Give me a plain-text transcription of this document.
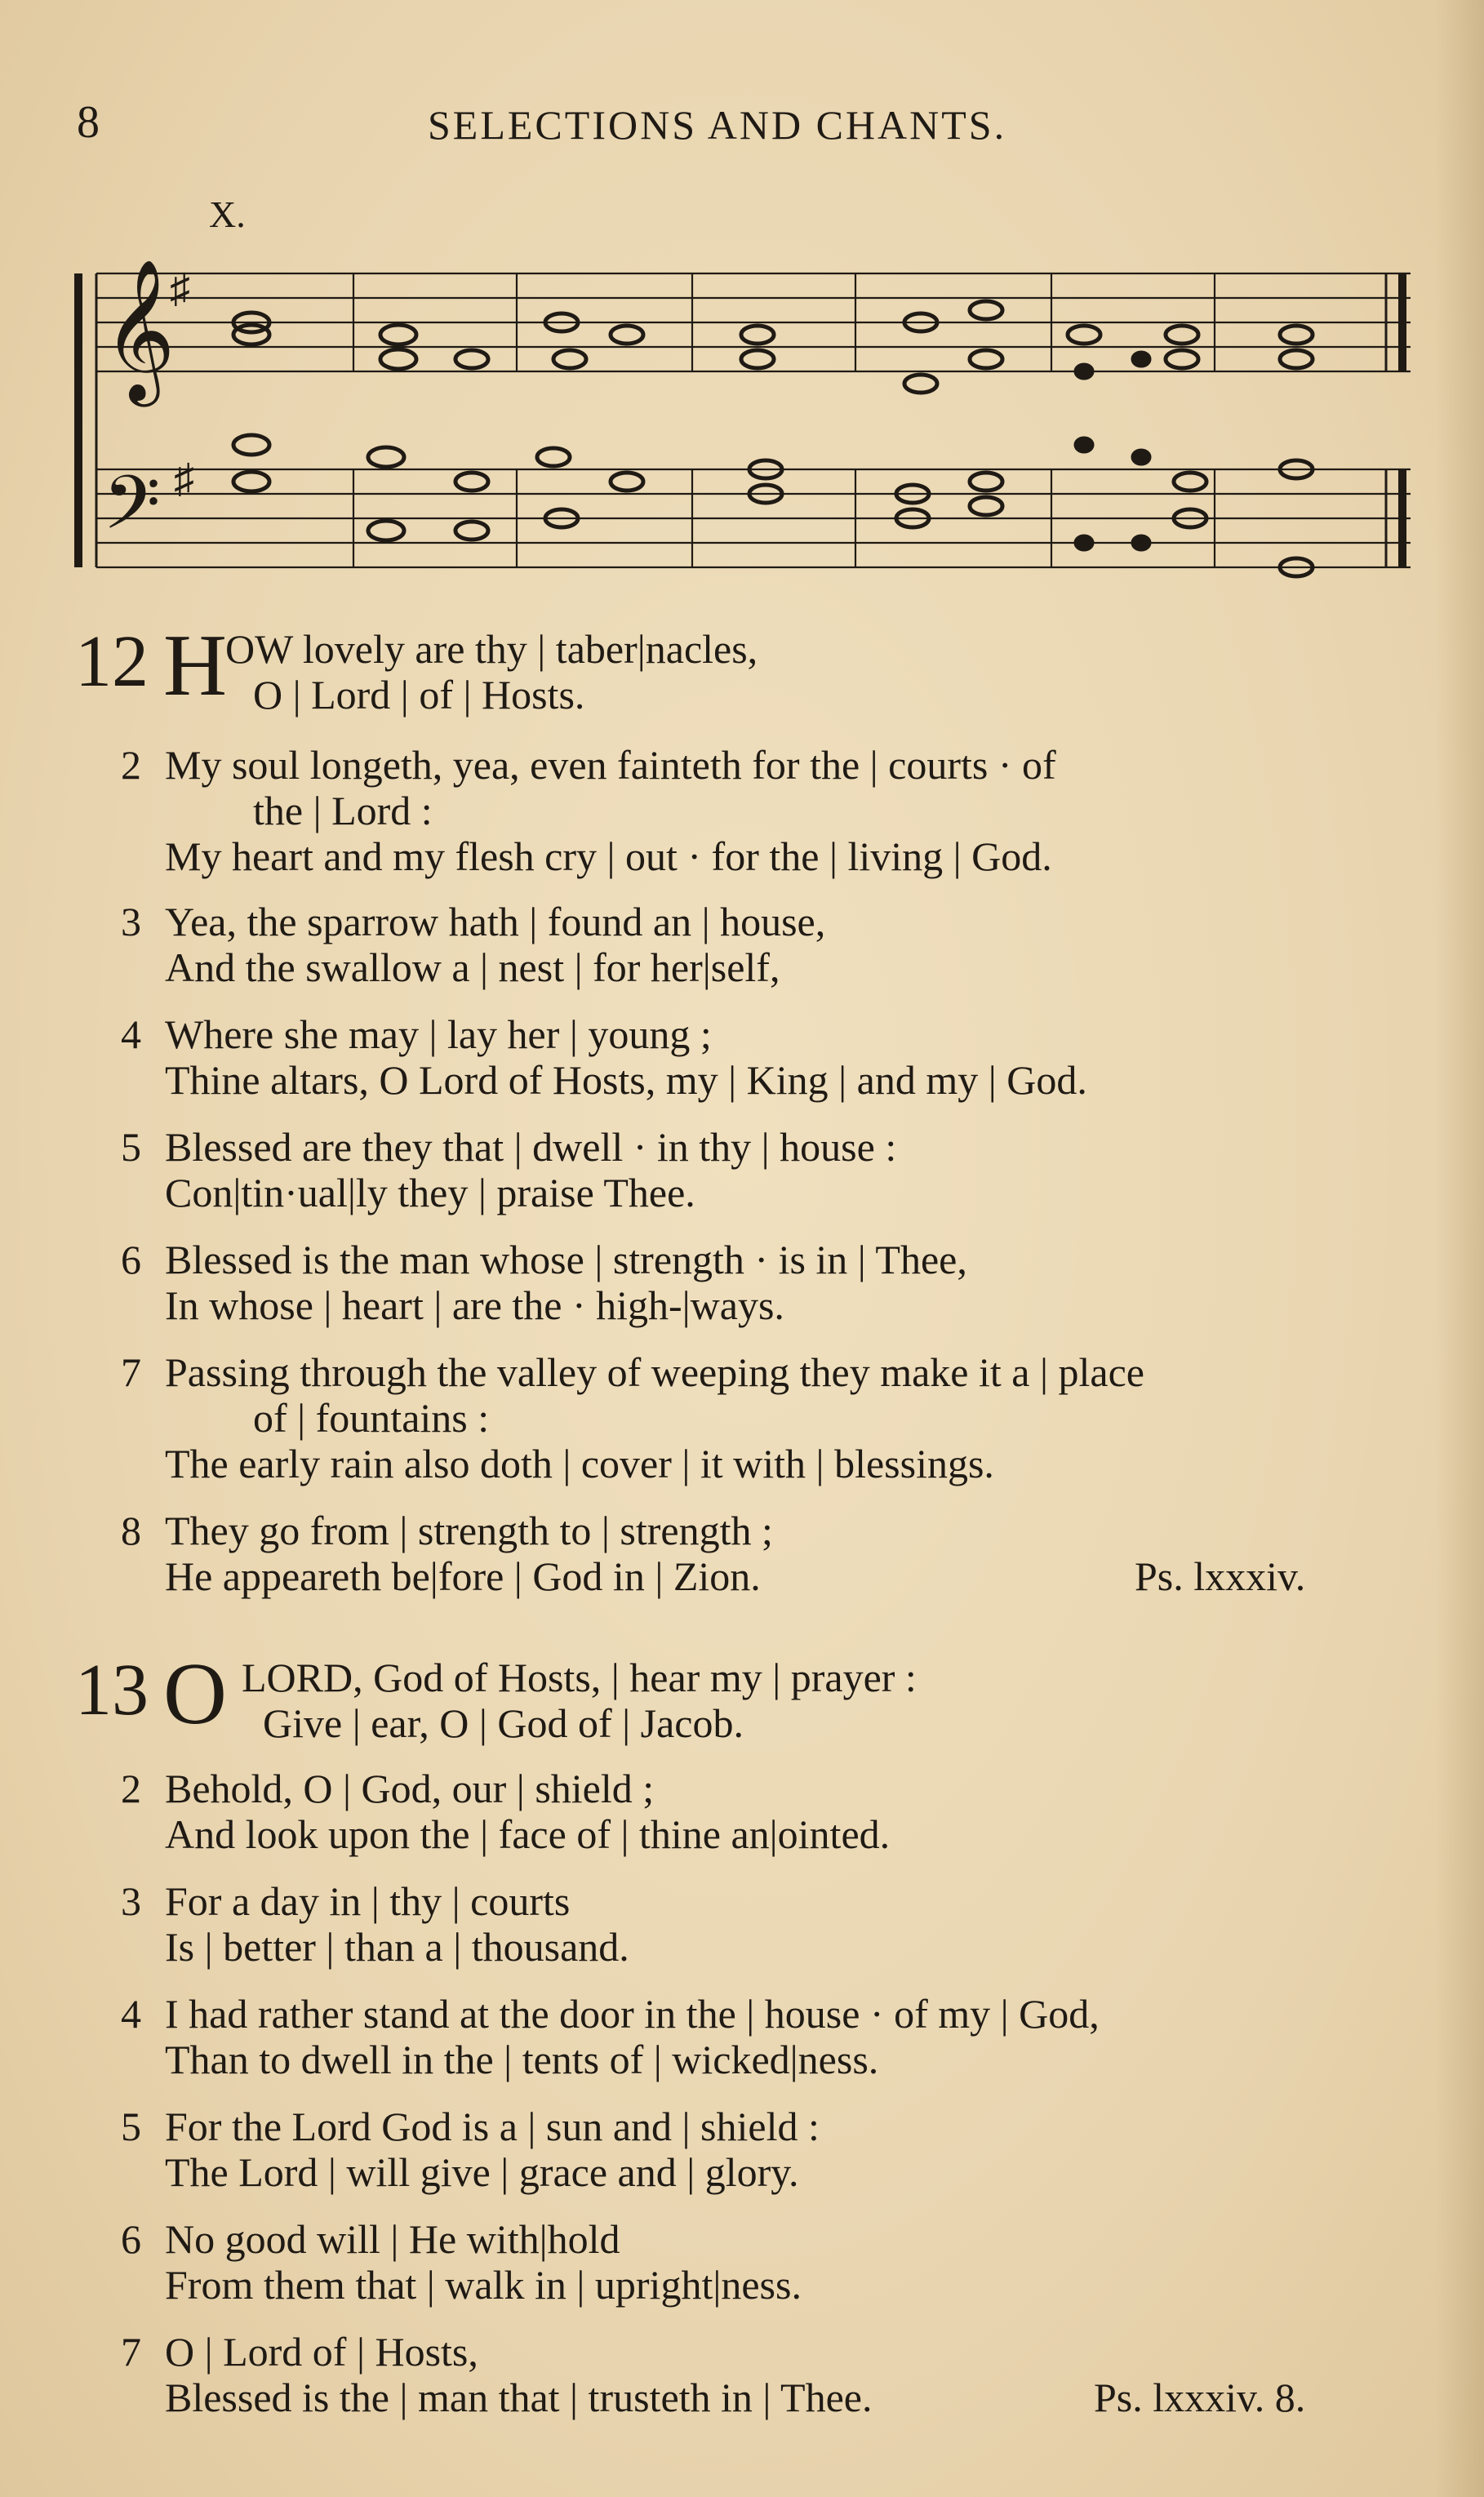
8	SELECTIONS AND CHANTS.
X.
𝄞
𝄢
♯
♯
12 H
OW lovely are thy | taber|nacles,
O | Lord | of | Hosts.
2 My soul longeth, yea, even fainteth for the | courts · of
the | Lord :
My heart and my flesh cry | out · for the | living | God.
3 Yea, the sparrow hath | found an | house,
And the swallow a | nest | for her|self,
4 Where she may | lay her | young ;
Thine altars, O Lord of Hosts, my | King | and my | God.
5 Blessed are they that | dwell · in thy | house :
Con|tin·ual|ly they | praise Thee.
6 Blessed is the man whose | strength · is in | Thee,
In whose | heart | are the · high-|ways.
7 Passing through the valley of weeping they make it a | place
of | fountains :
The early rain also doth | cover | it with | blessings.
8 They go from | strength to | strength ;
He appeareth be|fore | God in | Zion.	Ps. lxxxiv.
13 O LORD, God of Hosts, | hear my | prayer :
Give | ear, O | God of | Jacob.
2 Behold, O | God, our | shield ;
And look upon the | face of | thine an|ointed.
3 For a day in | thy | courts
Is | better | than a | thousand.
4 I had rather stand at the door in the | house · of my | God,
Than to dwell in the | tents of | wicked|ness.
5 For the Lord God is a | sun and | shield :
The Lord | will give | grace and | glory.
6 No good will | He with|hold
From them that | walk in | upright|ness.
7 O | Lord of | Hosts,
Blessed is the | man that | trusteth in | Thee.	Ps. lxxxiv. 8.
